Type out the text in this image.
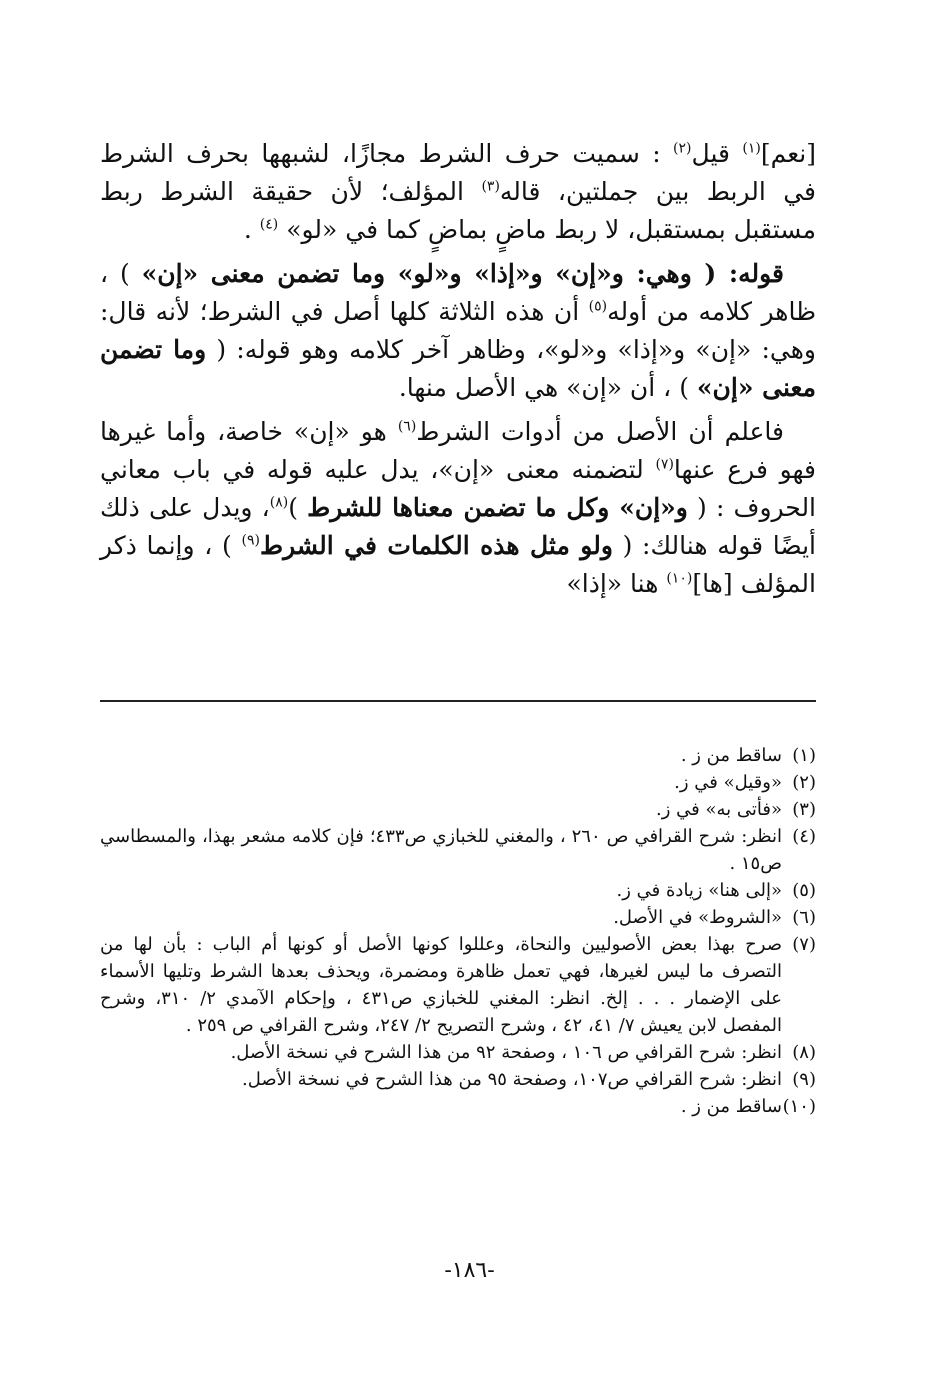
[نعم]$^{(١)}$ قيل$^{(٢)}$ : سميت حرف الشرط مجازًا، لشبهها بحرف الشرط في الربط بين جملتين، قاله$^{(٣)}$ المؤلف؛ لأن حقيقة الشرط ربط مستقبل بمستقبل، لا ربط ماضٍ بماضٍ كما في «لو» $^{(٤)}$ .

قوله: ( وهي: و«إن» و«إذا» و«لو» وما تضمن معنى «إن» ) ، ظاهر كلامه من أوله$^{(٥)}$ أن هذه الثلاثة كلها أصل في الشرط؛ لأنه قال: وهي: «إن» و«إذا» و«لو»، وظاهر آخر كلامه وهو قوله: ( وما تضمن معنى «إن» ) ، أن «إن» هي الأصل منها.

فاعلم أن الأصل من أدوات الشرط$^{(٦)}$ هو «إن» خاصة، وأما غيرها فهو فرع عنها$^{(٧)}$ لتضمنه معنى «إن»، يدل عليه قوله في باب معاني الحروف : ( و«إن» وكل ما تضمن معناها للشرط )$^{(٨)}$، ويدل على ذلك أيضًا قوله هنالك: ( ولو مثل هذه الكلمات في الشرط$^{(٩)}$ ) ، وإنما ذكر المؤلف [ها]$^{(١٠)}$ هنا «إذا»

(١)
ساقط من ز .
(٢)
«وقيل» في ز.
(٣)
«فأتى به» في ز.
(٤)
انظر: شرح القرافي ص ٢٦٠ ، والمغني للخبازي ص٤٣٣؛ فإن كلامه مشعر بهذا، والمسطاسي ص١٥ .
(٥)
«إلى هنا» زيادة في ز.
(٦)
«الشروط» في الأصل.
(٧)
صرح بهذا بعض الأصوليين والنحاة، وعللوا كونها الأصل أو كونها أم الباب : بأن لها من التصرف ما ليس لغيرها، فهي تعمل ظاهرة ومضمرة، ويحذف بعدها الشرط وتليها الأسماء على الإضمار . . . إلخ. انظر: المغني للخبازي ص٤٣١ ، وإحكام الآمدي ٢/ ٣١٠، وشرح المفصل لابن يعيش ٧/ ٤١، ٤٢ ، وشرح التصريح ٢/ ٢٤٧، وشرح القرافي ص ٢٥٩ .
(٨)
انظر: شرح القرافي ص ١٠٦ ، وصفحة ٩٢ من هذا الشرح في نسخة الأصل.
(٩)
انظر: شرح القرافي ص١٠٧، وصفحة ٩٥ من هذا الشرح في نسخة الأصل.
(١٠)
ساقط من ز .
-١٨٦-
